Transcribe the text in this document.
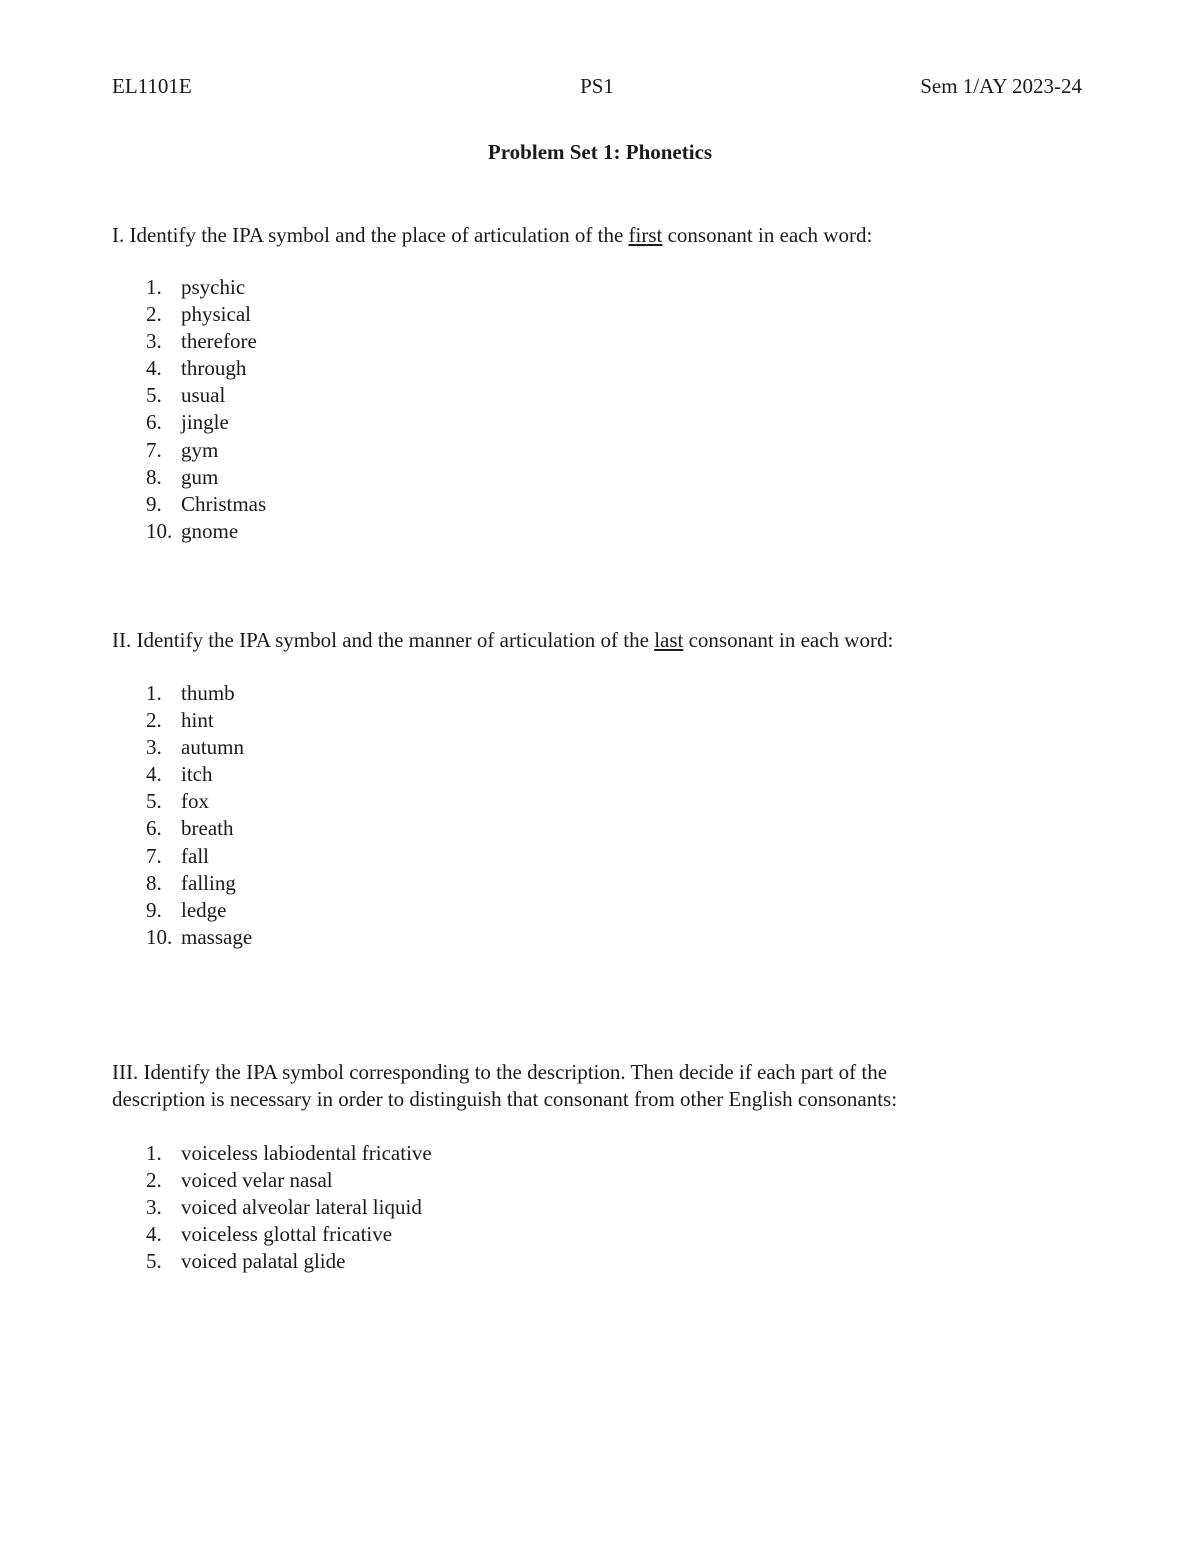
EL1101E	PS1	Sem 1/AY 2023-24
Problem Set 1: Phonetics
I. Identify the IPA symbol and the place of articulation of the first consonant in each word:
1. psychic
2. physical
3. therefore
4. through
5. usual
6. jingle
7. gym
8. gum
9. Christmas
10. gnome
II. Identify the IPA symbol and the manner of articulation of the last consonant in each word:
1. thumb
2. hint
3. autumn
4. itch
5. fox
6. breath
7. fall
8. falling
9. ledge
10. massage
III. Identify the IPA symbol corresponding to the description. Then decide if each part of the
description is necessary in order to distinguish that consonant from other English consonants:
1. voiceless labiodental fricative
2. voiced velar nasal
3. voiced alveolar lateral liquid
4. voiceless glottal fricative
5. voiced palatal glide
